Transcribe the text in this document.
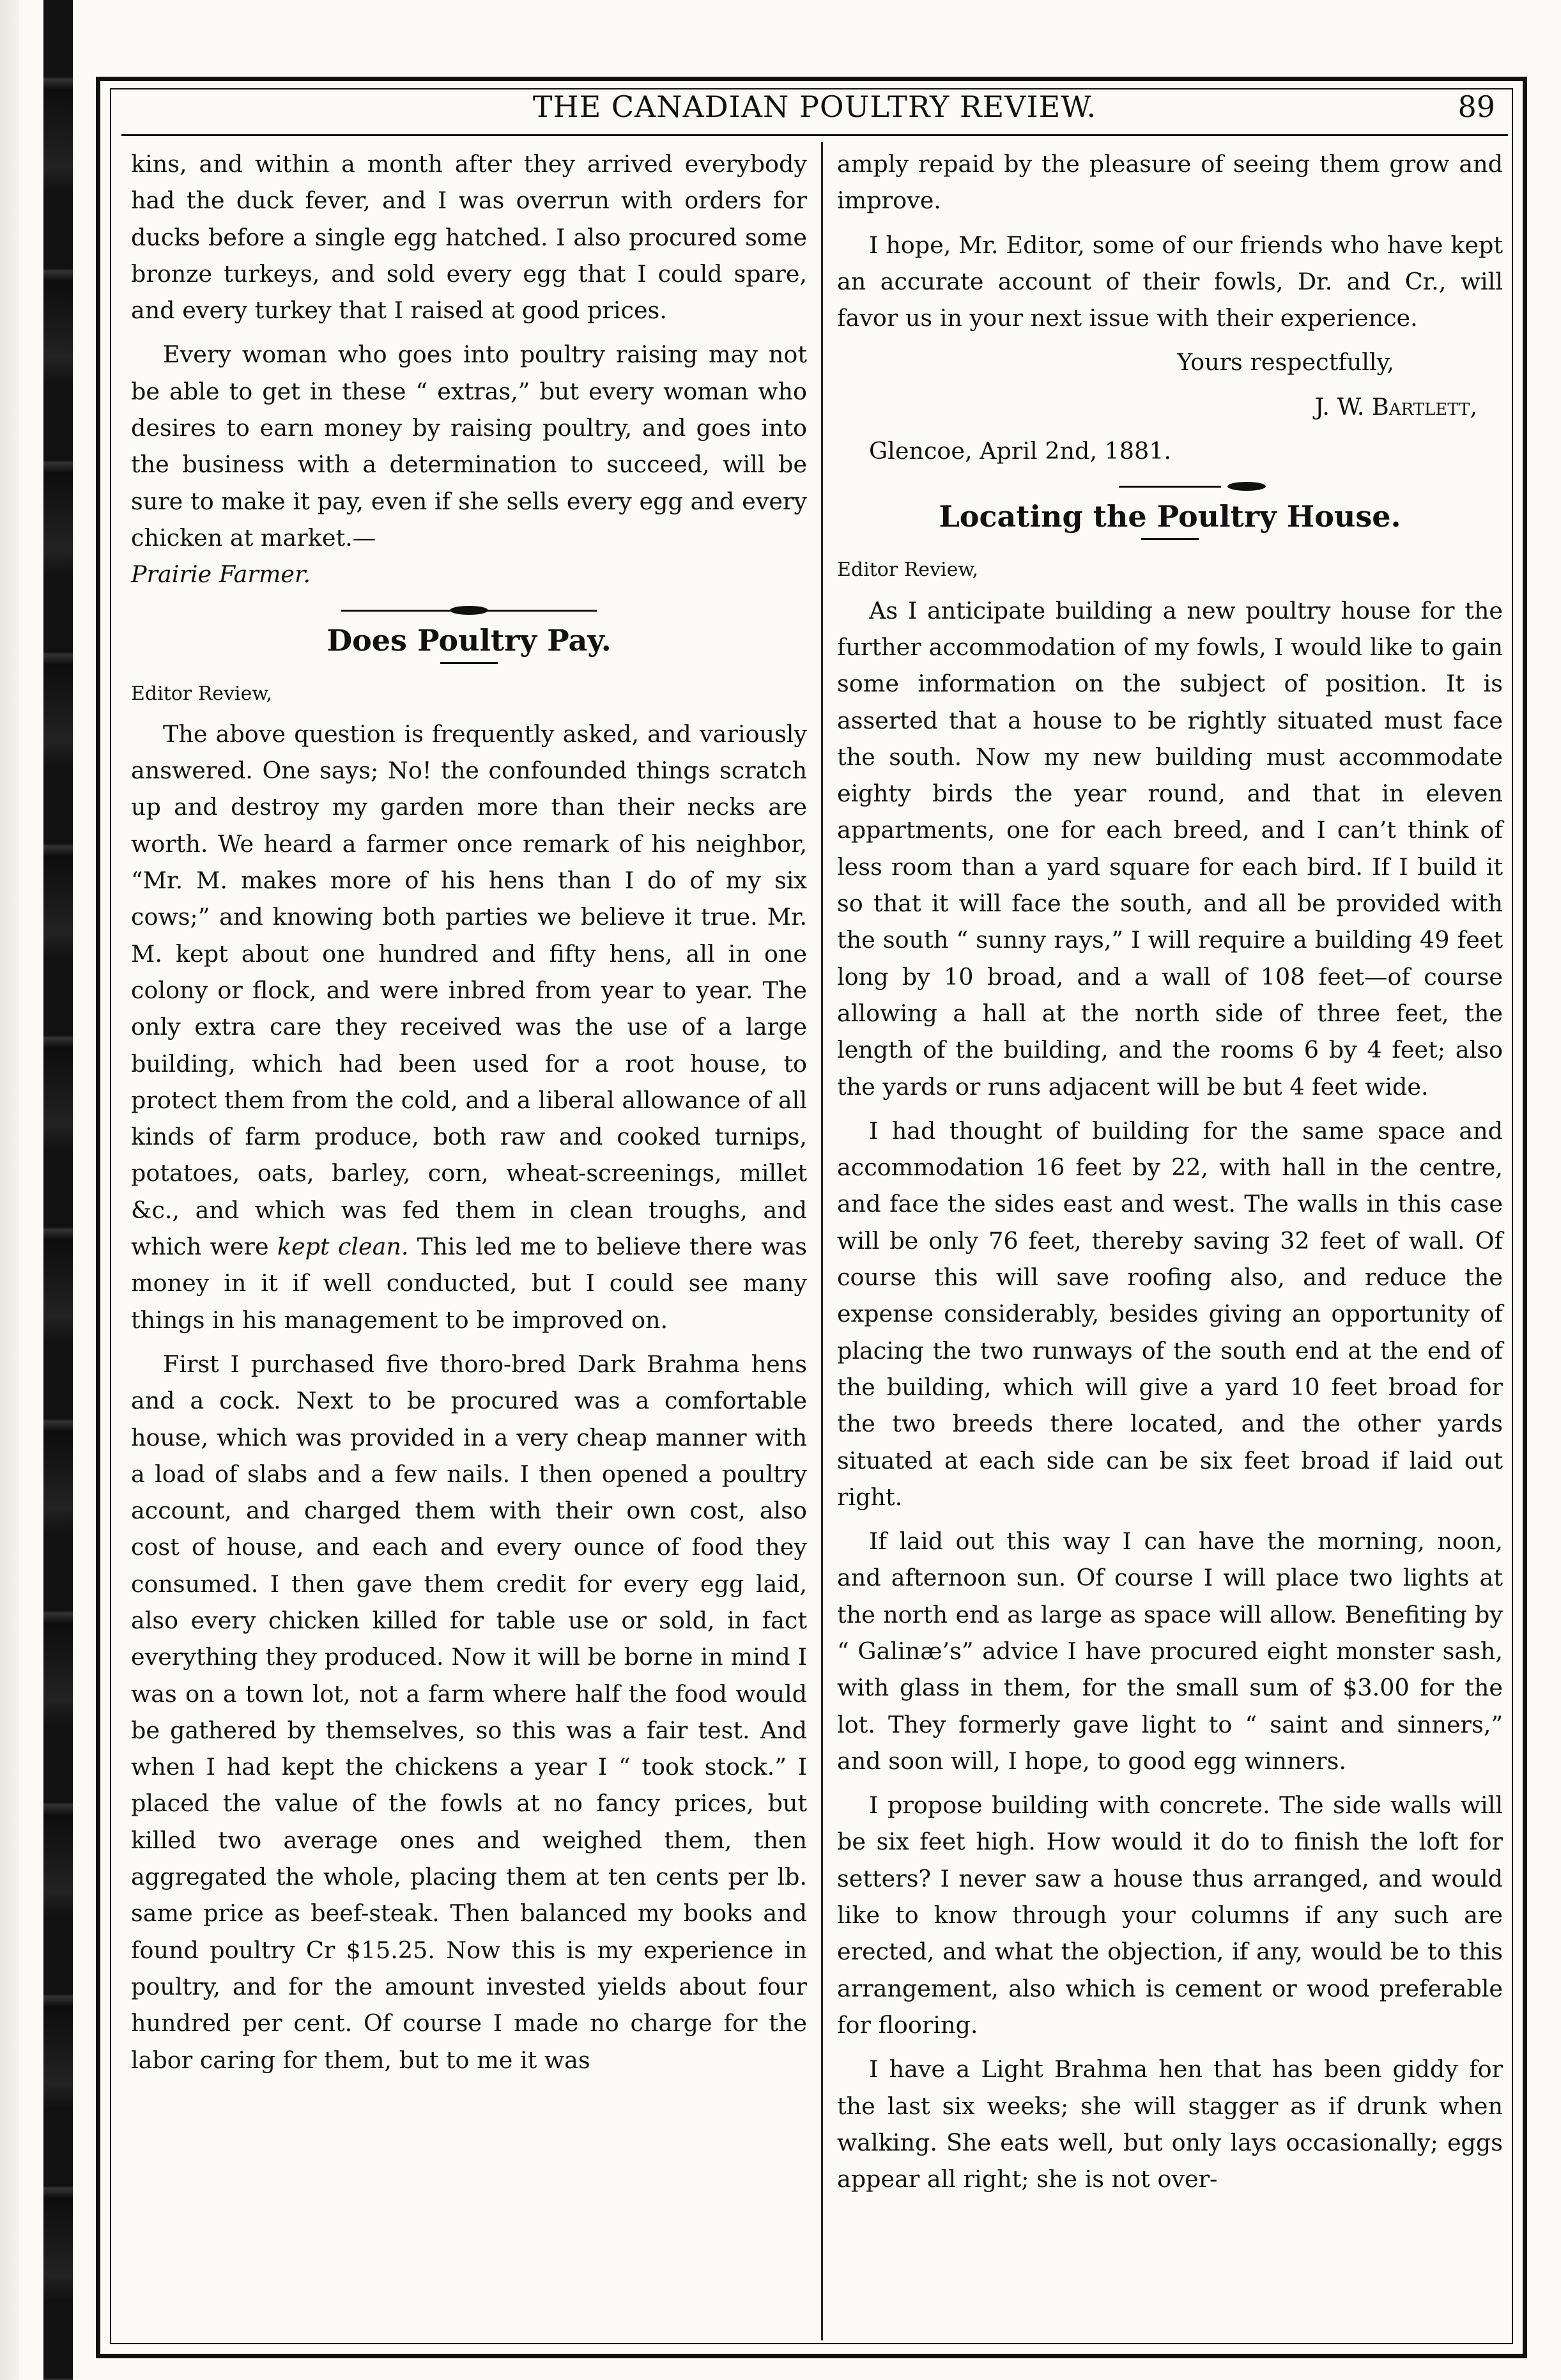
THE CANADIAN POULTRY REVIEW.	89

kins, and within a month after they arrived everybody had the duck fever, and I was overrun with orders for ducks before a single egg hatched. I also procured some bronze turkeys, and sold every egg that I could spare, and every turkey that I raised at good prices.

Every woman who goes into poultry raising may not be able to get in these “ extras,” but every woman who desires to earn money by raising poultry, and goes into the business with a determination to succeed, will be sure to make it pay, even if she sells every egg and every chicken at market.—
Prairie Farmer.

Does Poultry Pay.
Editor Review,

The above question is frequently asked, and variously answered. One says; No! the confounded things scratch up and destroy my garden more than their necks are worth. We heard a farmer once remark of his neighbor, “Mr. M. makes more of his hens than I do of my six cows;” and knowing both parties we believe it true. Mr. M. kept about one hundred and fifty hens, all in one colony or flock, and were inbred from year to year. The only extra care they received was the use of a large building, which had been used for a root house, to protect them from the cold, and a liberal allowance of all kinds of farm produce, both raw and cooked turnips, potatoes, oats, barley, corn, wheat-screenings, millet &c., and which was fed them in clean troughs, and which were kept clean. This led me to believe there was money in it if well conducted, but I could see many things in his management to be improved on.

First I purchased five thoro-bred Dark Brahma hens and a cock. Next to be procured was a comfortable house, which was provided in a very cheap manner with a load of slabs and a few nails. I then opened a poultry account, and charged them with their own cost, also cost of house, and each and every ounce of food they consumed. I then gave them credit for every egg laid, also every chicken killed for table use or sold, in fact everything they produced. Now it will be borne in mind I was on a town lot, not a farm where half the food would be gathered by themselves, so this was a fair test. And when I had kept the chickens a year I “ took stock.” I placed the value of the fowls at no fancy prices, but killed two average ones and weighed them, then aggregated the whole, placing them at ten cents per lb. same price as beef-steak. Then balanced my books and found poultry Cr $15.25. Now this is my experience in poultry, and for the amount invested yields about four hundred per cent. Of course I made no charge for the labor caring for them, but to me it was

amply repaid by the pleasure of seeing them grow and improve.

I hope, Mr. Editor, some of our friends who have kept an accurate account of their fowls, Dr. and Cr., will favor us in your next issue with their experience.

Yours respectfully,

J. W. Bartlett,

Glencoe, April 2nd, 1881.

Locating the Poultry House.
Editor Review,

As I anticipate building a new poultry house for the further accommodation of my fowls, I would like to gain some information on the subject of position. It is asserted that a house to be rightly situated must face the south. Now my new building must accommodate eighty birds the year round, and that in eleven appartments, one for each breed, and I can’t think of less room than a yard square for each bird. If I build it so that it will face the south, and all be provided with the south “ sunny rays,” I will require a building 49 feet long by 10 broad, and a wall of 108 feet—of course allowing a hall at the north side of three feet, the length of the building, and the rooms 6 by 4 feet; also the yards or runs adjacent will be but 4 feet wide.

I had thought of building for the same space and accommodation 16 feet by 22, with hall in the centre, and face the sides east and west. The walls in this case will be only 76 feet, thereby saving 32 feet of wall. Of course this will save roofing also, and reduce the expense considerably, besides giving an opportunity of placing the two runways of the south end at the end of the building, which will give a yard 10 feet broad for the two breeds there located, and the other yards situated at each side can be six feet broad if laid out right.

If laid out this way I can have the morning, noon, and afternoon sun. Of course I will place two lights at the north end as large as space will allow. Benefiting by “ Galinæ’s” advice I have procured eight monster sash, with glass in them, for the small sum of $3.00 for the lot. They formerly gave light to “ saint and sinners,” and soon will, I hope, to good egg winners.

I propose building with concrete. The side walls will be six feet high. How would it do to finish the loft for setters? I never saw a house thus arranged, and would like to know through your columns if any such are erected, and what the objection, if any, would be to this arrangement, also which is cement or wood preferable for flooring.

I have a Light Brahma hen that has been giddy for the last six weeks; she will stagger as if drunk when walking. She eats well, but only lays occasionally; eggs appear all right; she is not over-
